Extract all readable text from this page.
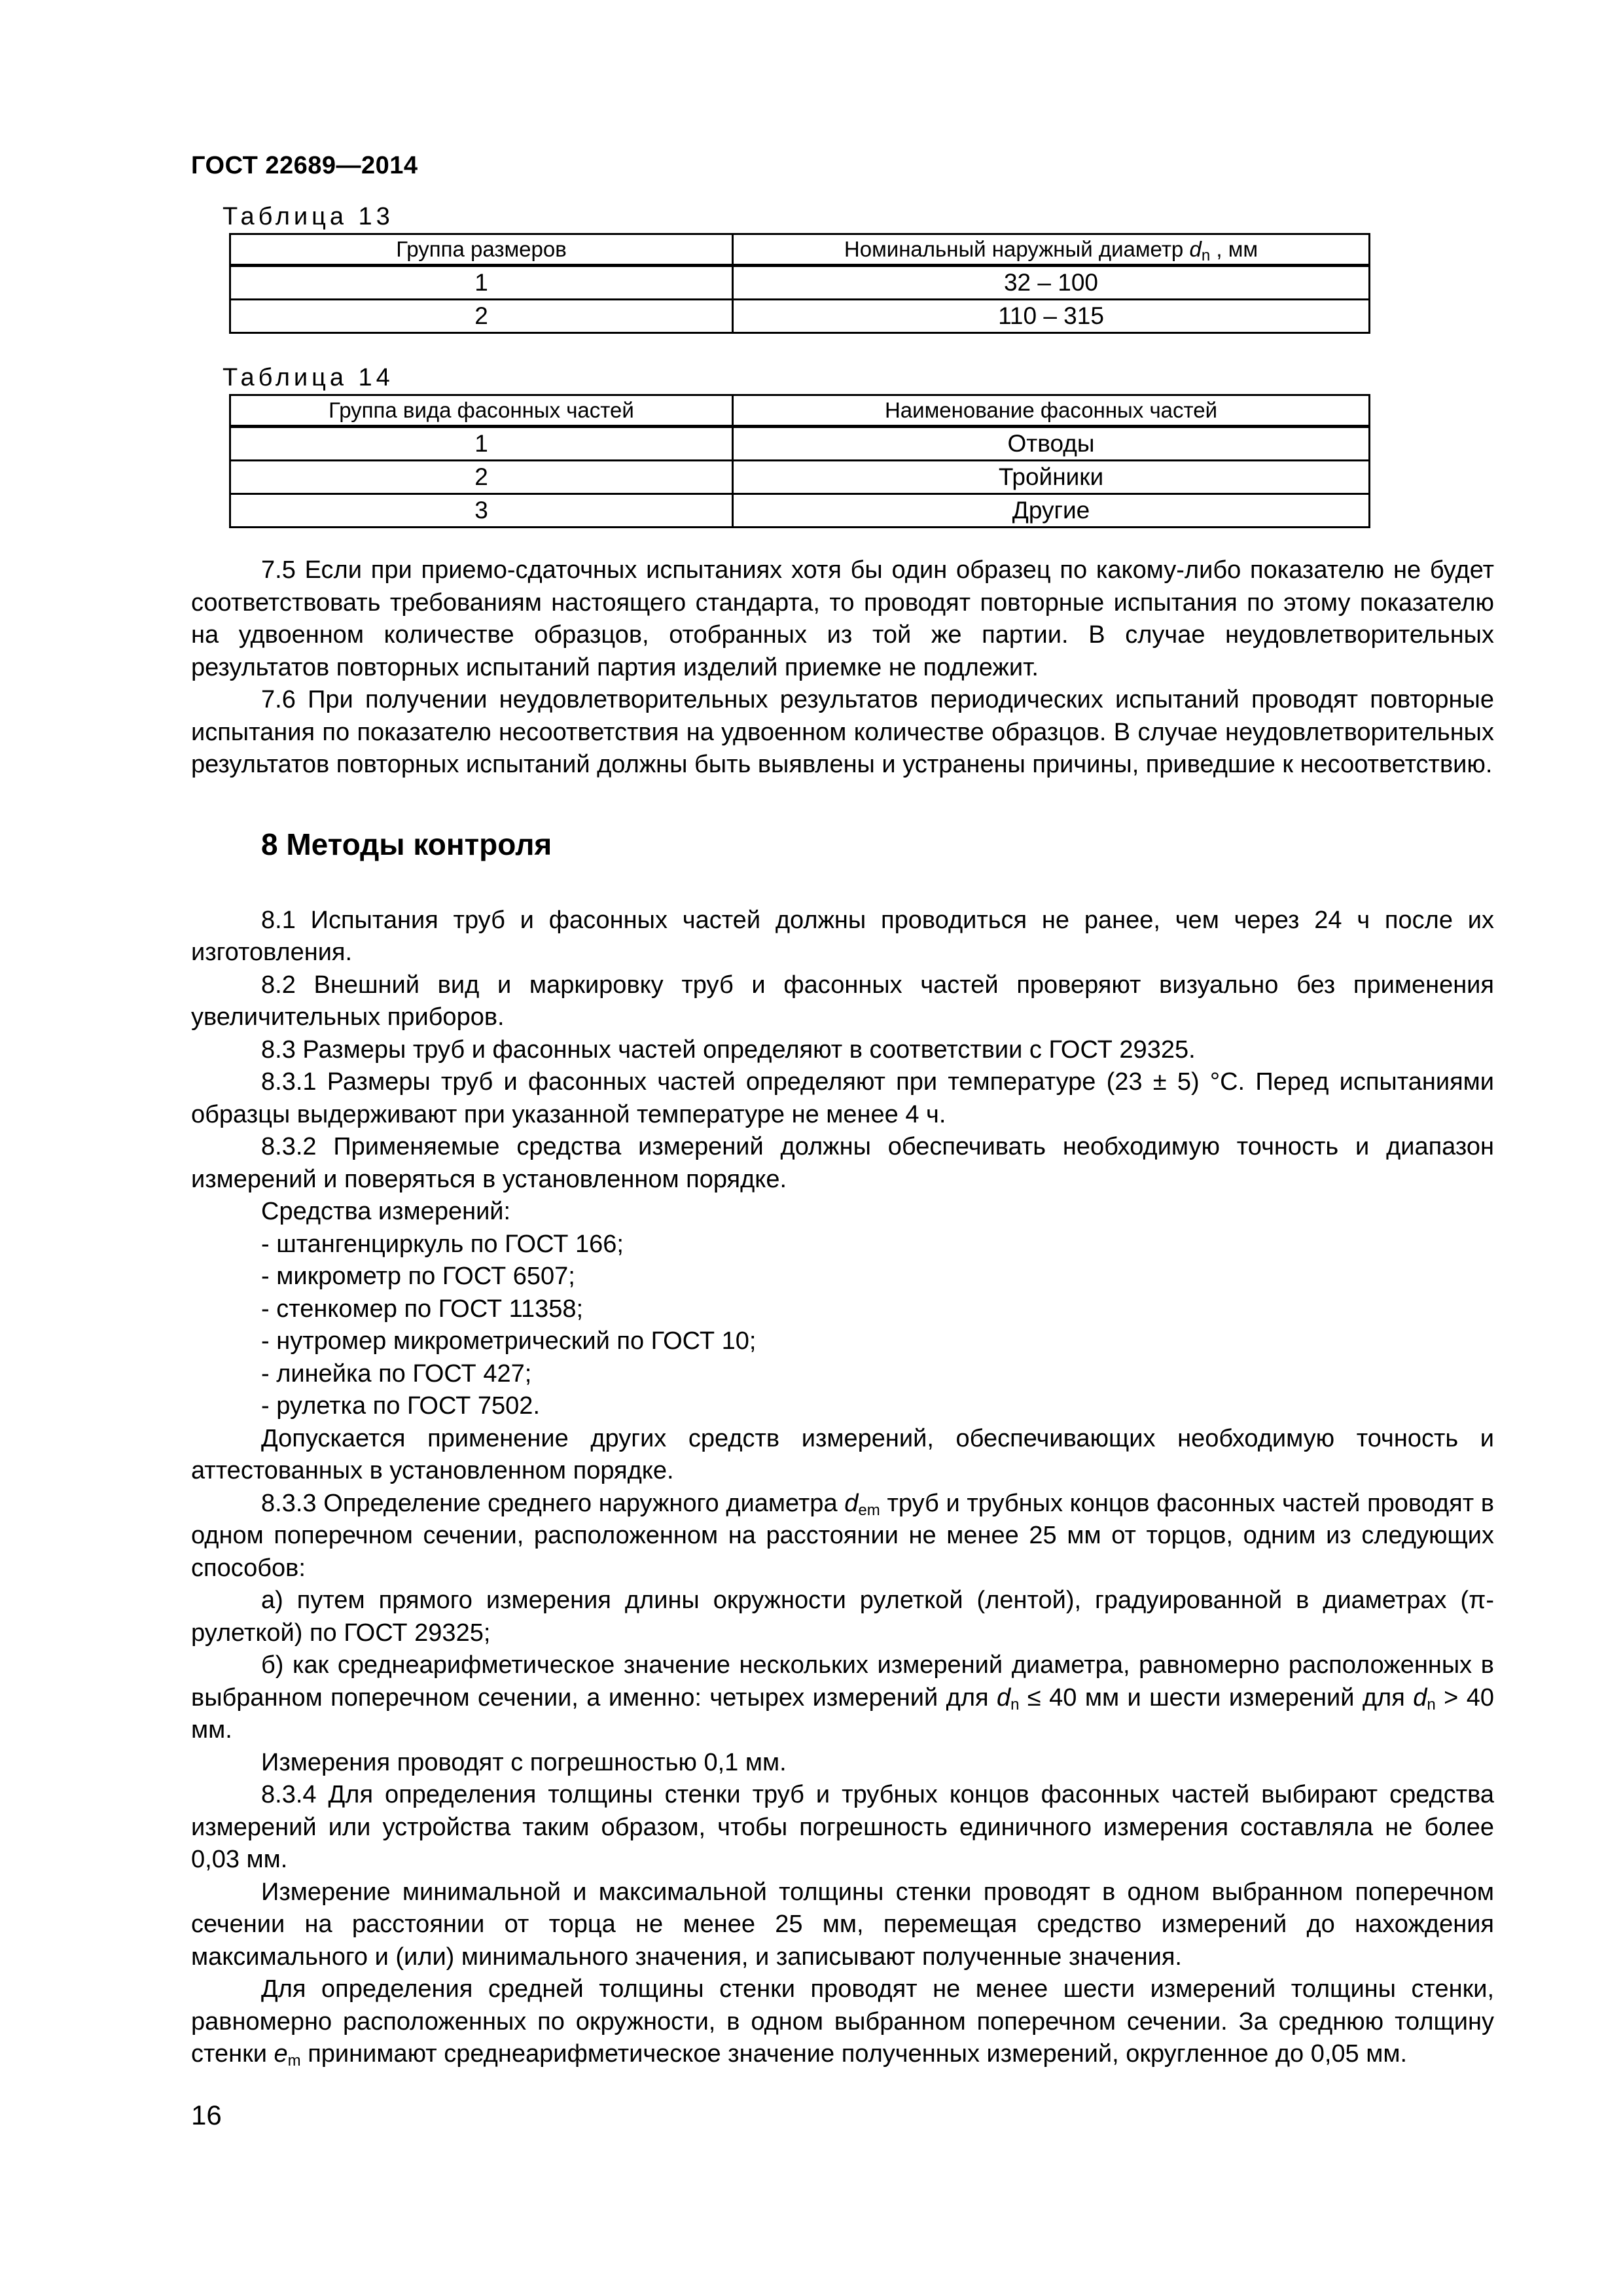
ГОСТ 22689—2014
Таблица 13
Группа размеров	Номинальный наружный диаметр $d_n$ , мм
1	32 – 100
2	110 – 315
Таблица 14
Группа вида фасонных частей	Наименование фасонных частей
1	Отводы
2	Тройники
3	Другие

7.5 Если при приемо-сдаточных испытаниях хотя бы один образец по какому-либо показателю не будет соответствовать требованиям настоящего стандарта, то проводят повторные испытания по этому показателю на удвоенном количестве образцов, отобранных из той же партии. В случае неудовлетворительных результатов повторных испытаний партия изделий приемке не подлежит.

7.6 При получении неудовлетворительных результатов периодических испытаний проводят повторные испытания по показателю несоответствия на удвоенном количестве образцов. В случае неудовлетворительных результатов повторных испытаний должны быть выявлены и устранены причины, приведшие к несоответствию.

8 Методы контроля

8.1 Испытания труб и фасонных частей должны проводиться не ранее, чем через 24 ч после их изготовления.

8.2 Внешний вид и маркировку труб и фасонных частей проверяют визуально без применения увеличительных приборов.

8.3 Размеры труб и фасонных частей определяют в соответствии с ГОСТ 29325.

8.3.1 Размеры труб и фасонных частей определяют при температуре (23 ± 5) °С. Перед испытаниями образцы выдерживают при указанной температуре не менее 4 ч.

8.3.2 Применяемые средства измерений должны обеспечивать необходимую точность и диапазон измерений и поверяться в установленном порядке.

Средства измерений:

- штангенциркуль по ГОСТ 166;

- микрометр по ГОСТ 6507;

- стенкомер по ГОСТ 11358;

- нутромер микрометрический по ГОСТ 10;

- линейка по ГОСТ 427;

- рулетка по ГОСТ 7502.

Допускается применение других средств измерений, обеспечивающих необходимую точность и аттестованных в установленном порядке.

8.3.3 Определение среднего наружного диаметра $d_{em}$ труб и трубных концов фасонных частей проводят в одном поперечном сечении, расположенном на расстоянии не менее 25 мм от торцов, одним из следующих способов:

а) путем прямого измерения длины окружности рулеткой (лентой), градуированной в диаметрах (π-рулеткой) по ГОСТ 29325;

б) как среднеарифметическое значение нескольких измерений диаметра, равномерно расположенных в выбранном поперечном сечении, а именно: четырех измерений для $d_n \le 40$ мм и шести измерений для $d_n > 40$ мм.

Измерения проводят с погрешностью 0,1 мм.

8.3.4 Для определения толщины стенки труб и трубных концов фасонных частей выбирают средства измерений или устройства таким образом, чтобы погрешность единичного измерения составляла не более 0,03 мм.

Измерение минимальной и максимальной толщины стенки проводят в одном выбранном поперечном сечении на расстоянии от торца не менее 25 мм, перемещая средство измерений до нахождения максимального и (или) минимального значения, и записывают полученные значения.

Для определения средней толщины стенки проводят не менее шести измерений толщины стенки, равномерно расположенных по окружности, в одном выбранном поперечном сечении. За среднюю толщину стенки $e_m$ принимают среднеарифметическое значение полученных измерений, округленное до 0,05 мм.

16
